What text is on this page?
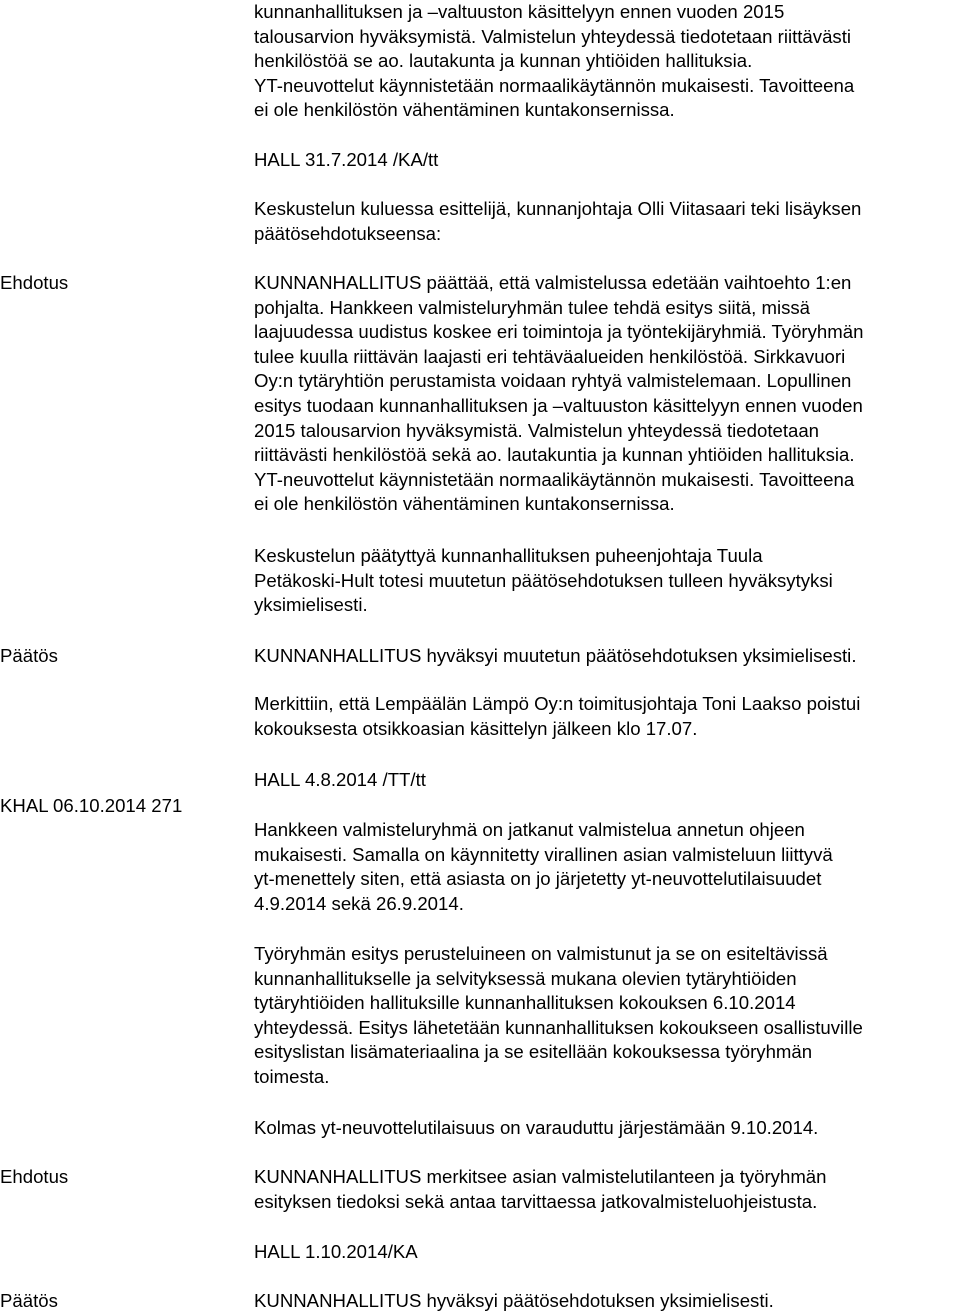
kunnanhallituksen ja –valtuuston käsittelyyn ennen vuoden 2015
talousarvion hyväksymistä. Valmistelun yhteydessä tiedotetaan riittävästi
henkilöstöä se ao. lautakunta ja kunnan yhtiöiden hallituksia.
YT-neuvottelut käynnistetään normaalikäytännön mukaisesti. Tavoitteena
ei ole henkilöstön vähentäminen kuntakonsernissa.
HALL 31.7.2014 /KA/tt
Keskustelun kuluessa esittelijä, kunnanjohtaja Olli Viitasaari teki lisäyksen
päätösehdotukseensa:
Ehdotus	KUNNANHALLITUS päättää, että valmistelussa edetään vaihtoehto 1:en
pohjalta. Hankkeen valmisteluryhmän tulee tehdä esitys siitä, missä
laajuudessa uudistus koskee eri toimintoja ja työntekijäryhmiä. Työryhmän
tulee kuulla riittävän laajasti eri tehtäväalueiden henkilöstöä. Sirkkavuori
Oy:n tytäryhtiön perustamista voidaan ryhtyä valmistelemaan. Lopullinen
esitys tuodaan kunnanhallituksen ja –valtuuston käsittelyyn ennen vuoden
2015 talousarvion hyväksymistä. Valmistelun yhteydessä tiedotetaan
riittävästi henkilöstöä sekä ao. lautakuntia ja kunnan yhtiöiden hallituksia.
YT-neuvottelut käynnistetään normaalikäytännön mukaisesti. Tavoitteena
ei ole henkilöstön vähentäminen kuntakonsernissa.
Keskustelun päätyttyä kunnanhallituksen puheenjohtaja Tuula
Petäkoski-Hult totesi muutetun päätösehdotuksen tulleen hyväksytyksi
yksimielisesti.
Päätös	KUNNANHALLITUS hyväksyi muutetun päätösehdotuksen yksimielisesti.
Merkittiin, että Lempäälän Lämpö Oy:n toimitusjohtaja Toni Laakso poistui
kokouksesta otsikkoasian käsittelyn jälkeen klo 17.07.
HALL 4.8.2014 /TT/tt
KHAL 06.10.2014 271
Hankkeen valmisteluryhmä on jatkanut valmistelua annetun ohjeen
mukaisesti. Samalla on käynnitetty virallinen asian valmisteluun liittyvä
yt-menettely siten, että asiasta on jo järjetetty yt-neuvottelutilaisuudet
4.9.2014 sekä 26.9.2014.
Työryhmän esitys perusteluineen on valmistunut ja se on esiteltävissä
kunnanhallitukselle ja selvityksessä mukana olevien tytäryhtiöiden
tytäryhtiöiden hallituksille kunnanhallituksen kokouksen 6.10.2014
yhteydessä. Esitys lähetetään kunnanhallituksen kokoukseen osallistuville
esityslistan lisämateriaalina ja se esitellään kokouksessa työryhmän
toimesta.
Kolmas yt-neuvottelutilaisuus on varauduttu järjestämään 9.10.2014.
Ehdotus	KUNNANHALLITUS merkitsee asian valmistelutilanteen ja työryhmän
esityksen tiedoksi sekä antaa tarvittaessa jatkovalmisteluohjeistusta.
HALL 1.10.2014/KA
Päätös	KUNNANHALLITUS hyväksyi päätösehdotuksen yksimielisesti.
